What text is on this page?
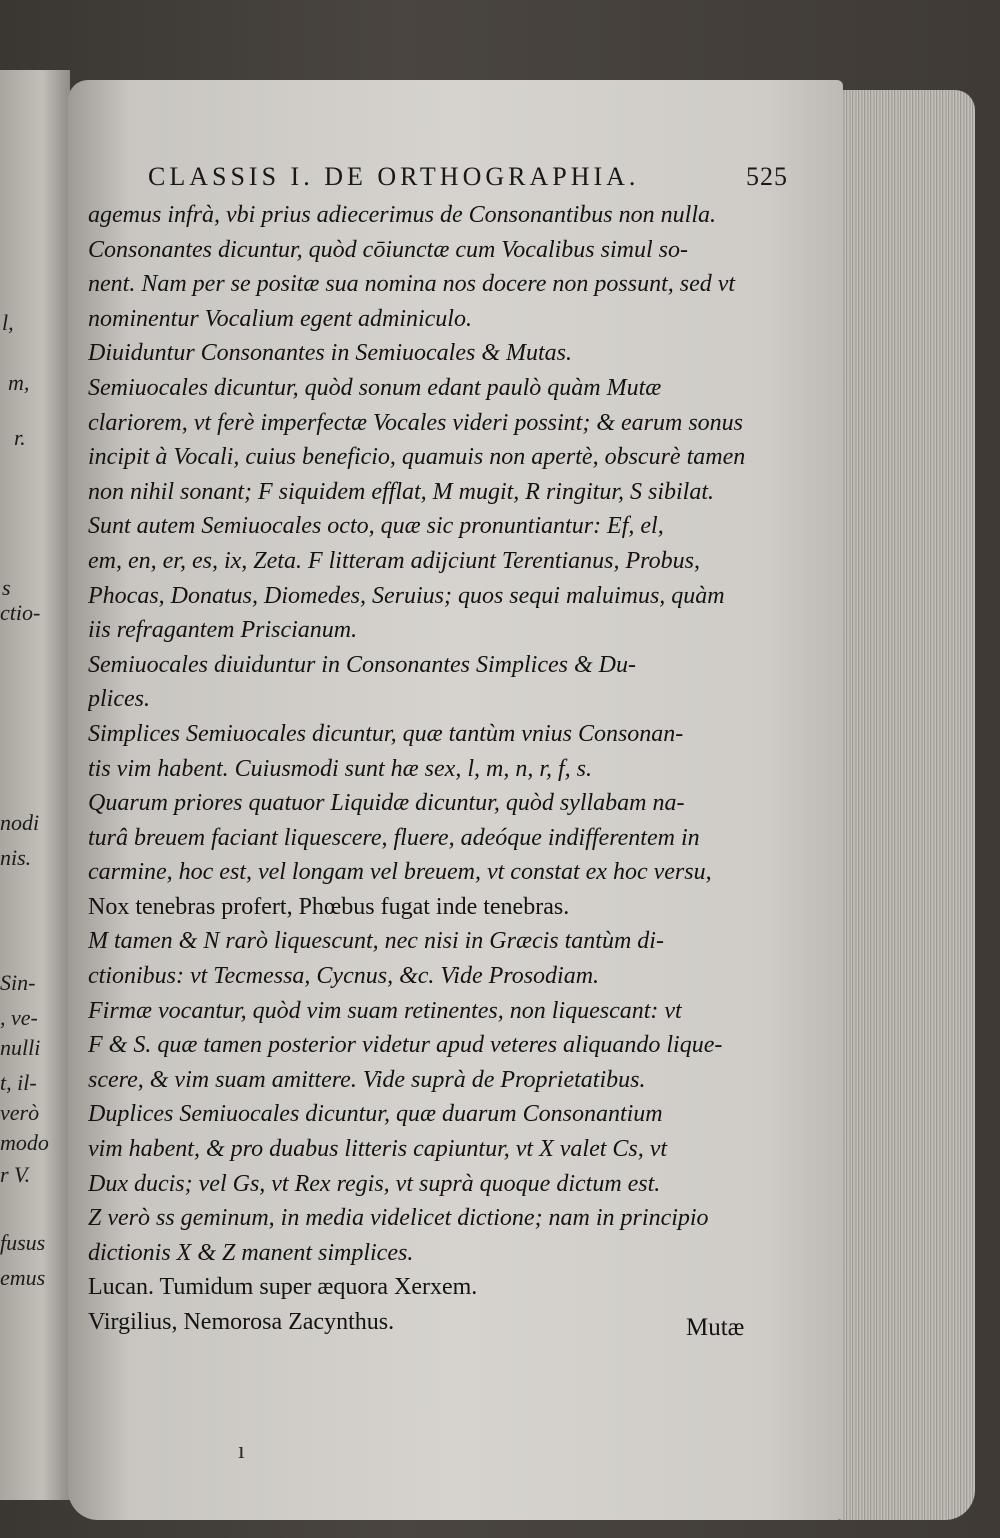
l,
m,
r.
s
ctio-
nodi
nis.
Sin-
, ve-
nulli
t, il-
verò
modo
r V.
fusus
emus
CLASSIS I. DE ORTHOGRAPHIA.	525
agemus infrà, vbi prius adiecerimus de Consonantibus non nulla.
Consonantes dicuntur, quòd cōiunctæ cum Vocalibus simul so-
nent. Nam per se positæ sua nomina nos docere non possunt, sed vt
nominentur Vocalium egent adminiculo.
Diuiduntur Consonantes in Semiuocales & Mutas.
Semiuocales dicuntur, quòd sonum edant paulò quàm Mutæ
clariorem, vt ferè imperfectæ Vocales videri possint; & earum sonus
incipit à Vocali, cuius beneficio, quamuis non apertè, obscurè tamen
non nihil sonant; F siquidem efflat, M mugit, R ringitur, S sibilat.
Sunt autem Semiuocales octo, quæ sic pronuntiantur: Ef, el,
em, en, er, es, ix, Zeta. F litteram adijciunt Terentianus, Probus,
Phocas, Donatus, Diomedes, Seruius; quos sequi maluimus, quàm
iis refragantem Priscianum.
Semiuocales diuiduntur in Consonantes Simplices & Du-
plices.
Simplices Semiuocales dicuntur, quæ tantùm vnius Consonan-
tis vim habent. Cuiusmodi sunt hæ sex, l, m, n, r, f, s.
Quarum priores quatuor Liquidæ dicuntur, quòd syllabam na-
turâ breuem faciant liquescere, fluere, adeóque indifferentem in
carmine, hoc est, vel longam vel breuem, vt constat ex hoc versu,
Nox tenebras profert, Phœbus fugat inde tenebras.
M tamen & N rarò liquescunt, nec nisi in Græcis tantùm di-
ctionibus: vt Tecmessa, Cycnus, &c. Vide Prosodiam.
Firmæ vocantur, quòd vim suam retinentes, non liquescant: vt
F & S. quæ tamen posterior videtur apud veteres aliquando lique-
scere, & vim suam amittere. Vide suprà de Proprietatibus.
Duplices Semiuocales dicuntur, quæ duarum Consonantium
vim habent, & pro duabus litteris capiuntur, vt X valet Cs, vt
Dux ducis; vel Gs, vt Rex regis, vt suprà quoque dictum est.
Z verò ss geminum, in media videlicet dictione; nam in principio
dictionis X & Z manent simplices.
Lucan. Tumidum super æquora Xerxem.
Virgilius, Nemorosa Zacynthus.	Mutæ
ı
